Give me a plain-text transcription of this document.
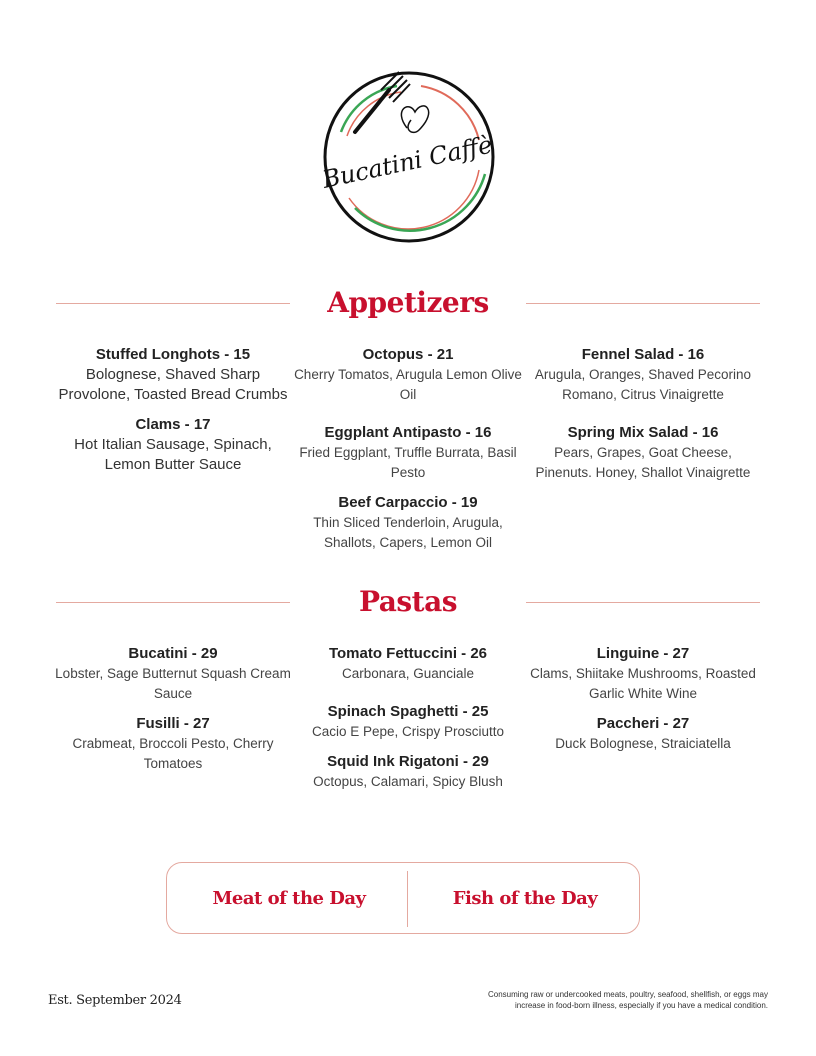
Bucatini Caffè
Appetizers
Stuffed Longhots - 15
Bolognese, Shaved Sharp Provolone, Toasted Bread Crumbs
Clams - 17
Hot Italian Sausage, Spinach, Lemon Butter Sauce
Octopus - 21
Cherry Tomatos, Arugula Lemon Olive Oil
Eggplant Antipasto - 16
Fried Eggplant, Truffle Burrata, Basil Pesto
Beef Carpaccio - 19
Thin Sliced Tenderloin, Arugula, Shallots, Capers, Lemon Oil
Fennel Salad - 16
Arugula, Oranges, Shaved Pecorino Romano, Citrus Vinaigrette
Spring Mix Salad - 16
Pears, Grapes, Goat Cheese, Pinenuts. Honey, Shallot Vinaigrette
Pastas
Bucatini - 29
Lobster, Sage Butternut Squash Cream Sauce
Fusilli - 27
Crabmeat, Broccoli Pesto, Cherry Tomatoes
Tomato Fettuccini - 26
Carbonara, Guanciale
Spinach Spaghetti - 25
Cacio E Pepe, Crispy Prosciutto
Squid Ink Rigatoni - 29
Octopus, Calamari, Spicy Blush
Linguine - 27
Clams, Shiitake Mushrooms, Roasted Garlic White Wine
Paccheri - 27
Duck Bolognese, Straiciatella
Meat of the Day	Fish of the Day
Est. September 2024	Consuming raw or undercooked meats, poultry, seafood, shellfish, or eggs may
increase in food-born illness, especially if you have a medical condition.
